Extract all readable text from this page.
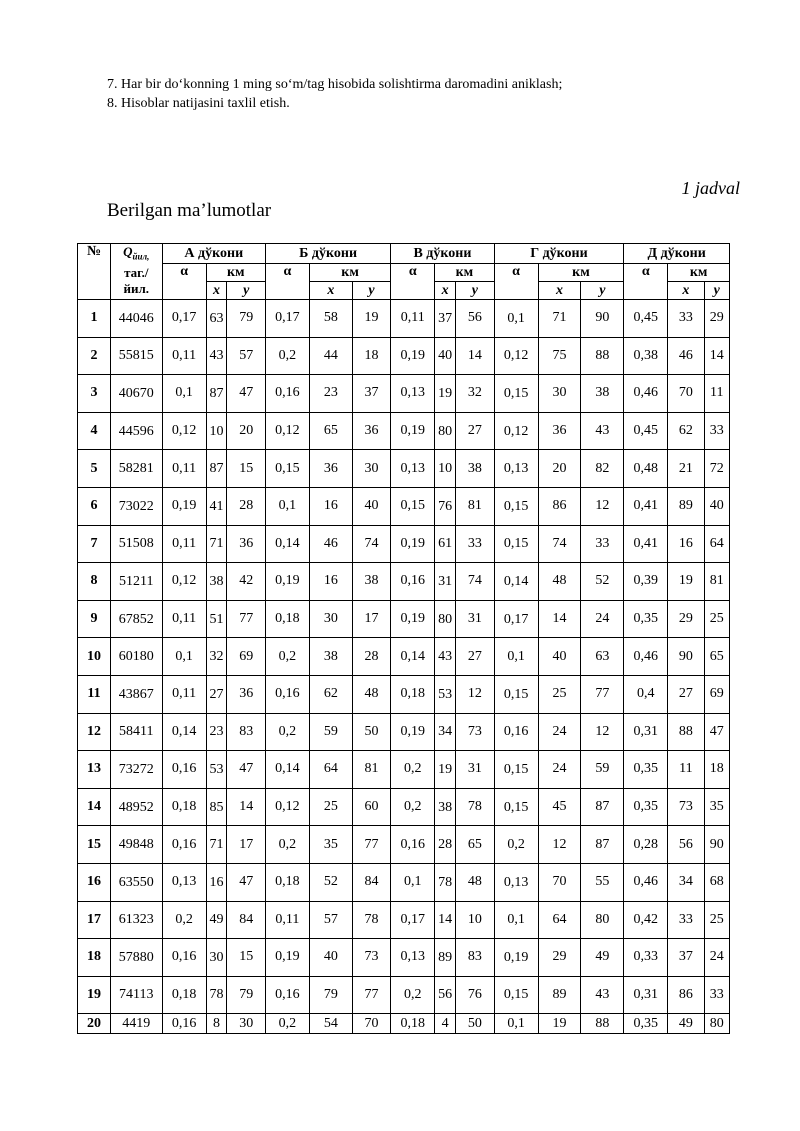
7. Har bir do‘konning 1 ming so‘m/tag hisobida solishtirma daromadini aniklash;
8. Hisoblar natijasini taxlil etish.
1 jadval
Berilgan ma’lumotlar
№	$Q_{йил,}$
таг./ йил.	А дўкони			Б дўкони			В дўкони			Г дўкони			Д дўкони		
		α	км		α	км		α	км		α	км		α	км	
			x	y		x	y		x	y		x	y		x	y
1	44046	0,17	63	79	0,17	58	19	0,11	37	56	0,1	71	90	0,45	33	29
2	55815	0,11	43	57	0,2	44	18	0,19	40	14	0,12	75	88	0,38	46	14
3	40670	0,1	87	47	0,16	23	37	0,13	19	32	0,15	30	38	0,46	70	11
4	44596	0,12	10	20	0,12	65	36	0,19	80	27	0,12	36	43	0,45	62	33
5	58281	0,11	87	15	0,15	36	30	0,13	10	38	0,13	20	82	0,48	21	72
6	73022	0,19	41	28	0,1	16	40	0,15	76	81	0,15	86	12	0,41	89	40
7	51508	0,11	71	36	0,14	46	74	0,19	61	33	0,15	74	33	0,41	16	64
8	51211	0,12	38	42	0,19	16	38	0,16	31	74	0,14	48	52	0,39	19	81
9	67852	0,11	51	77	0,18	30	17	0,19	80	31	0,17	14	24	0,35	29	25
10	60180	0,1	32	69	0,2	38	28	0,14	43	27	0,1	40	63	0,46	90	65
11	43867	0,11	27	36	0,16	62	48	0,18	53	12	0,15	25	77	0,4	27	69
12	58411	0,14	23	83	0,2	59	50	0,19	34	73	0,16	24	12	0,31	88	47
13	73272	0,16	53	47	0,14	64	81	0,2	19	31	0,15	24	59	0,35	11	18
14	48952	0,18	85	14	0,12	25	60	0,2	38	78	0,15	45	87	0,35	73	35
15	49848	0,16	71	17	0,2	35	77	0,16	28	65	0,2	12	87	0,28	56	90
16	63550	0,13	16	47	0,18	52	84	0,1	78	48	0,13	70	55	0,46	34	68
17	61323	0,2	49	84	0,11	57	78	0,17	14	10	0,1	64	80	0,42	33	25
18	57880	0,16	30	15	0,19	40	73	0,13	89	83	0,19	29	49	0,33	37	24
19	74113	0,18	78	79	0,16	79	77	0,2	56	76	0,15	89	43	0,31	86	33
20	4419	0,16	8	30	0,2	54	70	0,18	4	50	0,1	19	88	0,35	49	80
